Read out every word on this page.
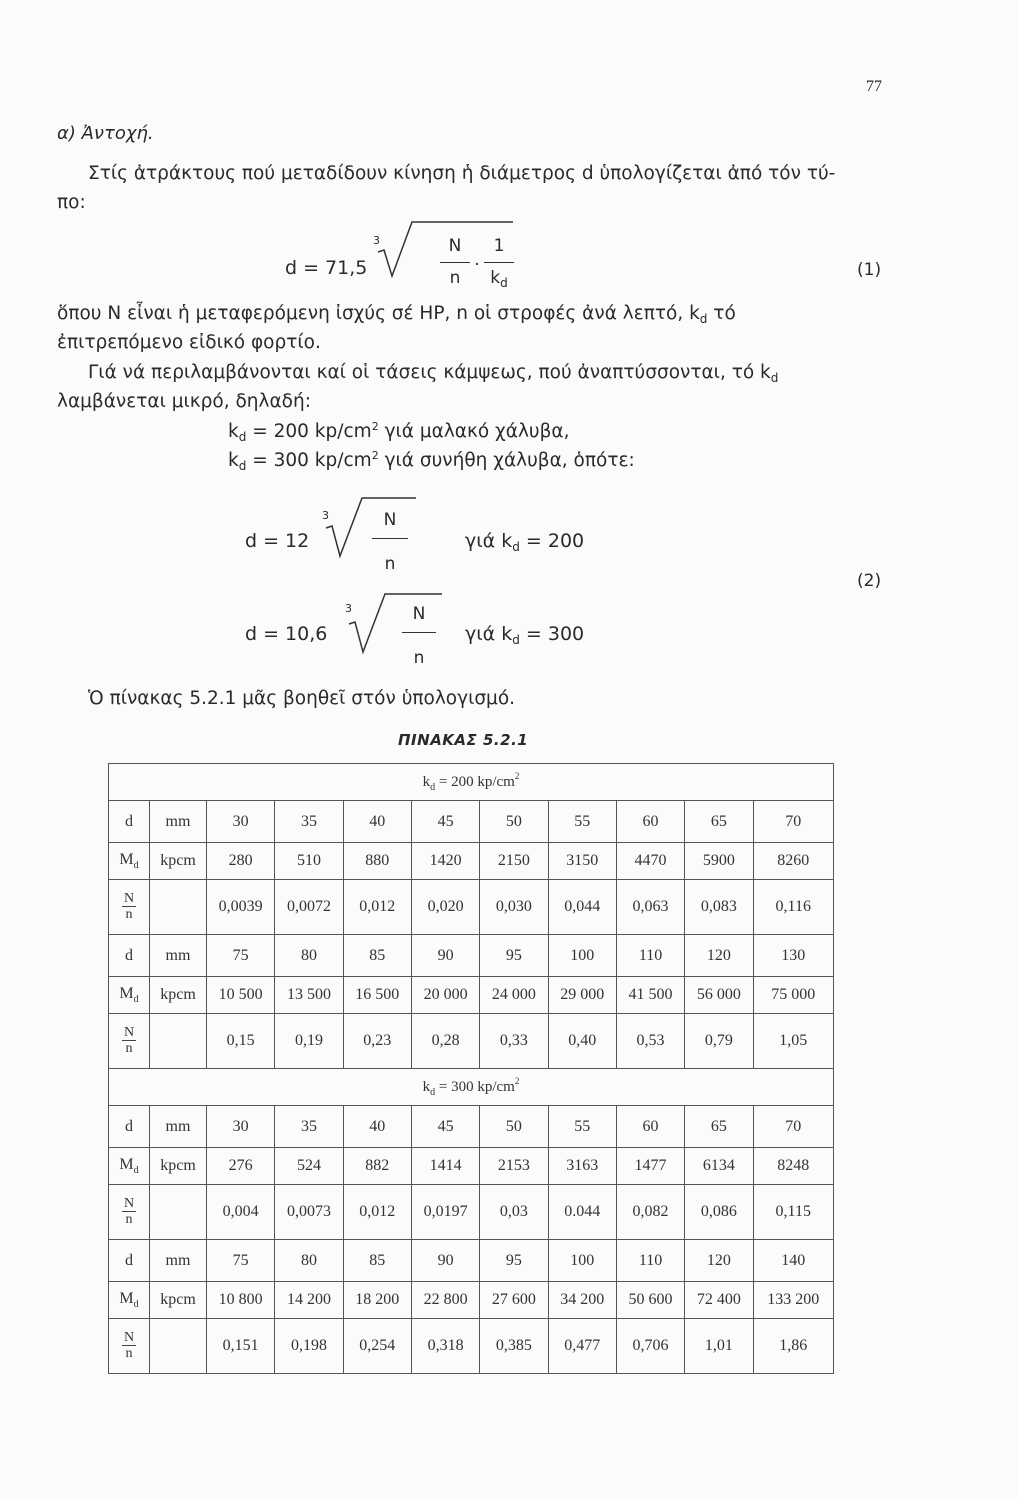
77
α) Ἀντοχή.
Στίς ἀτράκτους πού μεταδίδουν κίνηση ἡ διάμετρος d ὑπολογίζεται ἀπό τόν τύ-
πο:
d = 71,5
3	N
n
·
1
$k_d$
(1)
ὅπου N εἶναι ἡ μεταφερόμενη ἰσχύς σέ HP, n οἱ στροφές ἀνά λεπτό, $k_d$ τό
ἐπιτρεπόμενο εἰδικό φορτίο.
Γιά νά περιλαμβάνονται καί οἱ τάσεις κάμψεως, πού ἀναπτύσσονται, τό $k_d$
λαμβάνεται μικρό, δηλαδή:
$k_d = 200$ $kp/cm^2$ γιά μαλακό χάλυβα,
$k_d = 300$ $kp/cm^2$ γιά συνήθη χάλυβα, ὁπότε:
d = 12
3	N
n
γιά $k_d = 200$
(2)
d = 10,6
3	N
n
γιά $k_d = 300$
Ὁ πίνακας 5.2.1 μᾶς βοηθεῖ στόν ὑπολογισμό.
ΠΙΝΑΚΑΣ 5.2.1
$k_d = 200$ $kp/cm^2$
d	mm	30	35	40	45	50	55	60	65	70
$M_d$	kpcm	280	510	880	1420	2150	3150	4470	5900	8260

$\frac{N}{n}$		0,0039	0,0072	0,012	0,020	0,030	0,044	0,063	0,083	0,116
d	mm	75	80	85	90	95	100	110	120	130
$M_d$	kpcm	10 500	13 500	16 500	20 000	24 000	29 000	41 500	56 000	75 000

$\frac{N}{n}$		0,15	0,19	0,23	0,28	0,33	0,40	0,53	0,79	1,05
$k_d = 300$ $kp/cm^2$
d	mm	30	35	40	45	50	55	60	65	70
$M_d$	kpcm	276	524	882	1414	2153	3163	1477	6134	8248

$\frac{N}{n}$		0,004	0,0073	0,012	0,0197	0,03	0.044	0,082	0,086	0,115
d	mm	75	80	85	90	95	100	110	120	140
$M_d$	kpcm	10 800	14 200	18 200	22 800	27 600	34 200	50 600	72 400	133 200

$\frac{N}{n}$		0,151	0,198	0,254	0,318	0,385	0,477	0,706	1,01	1,86
